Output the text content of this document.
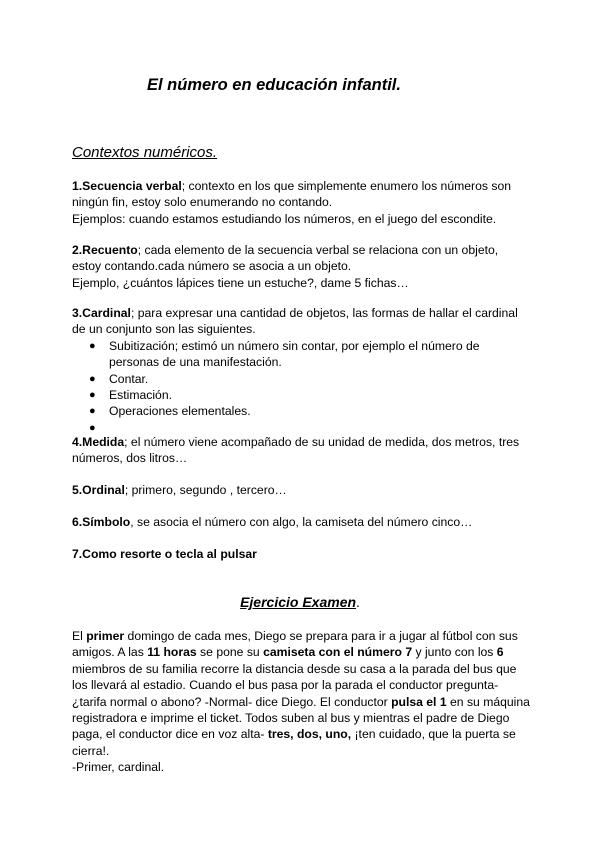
El número en educación infantil.
Contextos numéricos.

1.Secuencia verbal; contexto en los que simplemente enumero los números son

ningún fin, estoy solo enumerando no contando.

Ejemplos: cuando estamos estudiando los números, en el juego del escondite.

2.Recuento; cada elemento de la secuencia verbal se relaciona con un objeto,

estoy contando.cada número se asocia a un objeto.

Ejemplo, ¿cuántos lápices tiene un estuche?, dame 5 fichas…

3.Cardinal; para expresar una cantidad de objetos, las formas de hallar el cardinal

de un conjunto son las siguientes.

● Subitización; estimó un número sin contar, por ejemplo el número de
personas de una manifestación.
● Contar.
● Estimación.
● Operaciones elementales.
●

4.Medida; el número viene acompañado de su unidad de medida, dos metros, tres

números, dos litros…

5.Ordinal; primero, segundo , tercero…

6.Símbolo, se asocia el número con algo, la camiseta del número cinco…

7.Como resorte o tecla al pulsar

Ejercicio Examen.

El primer domingo de cada mes, Diego se prepara para ir a jugar al fútbol con sus

amigos. A las 11 horas se pone su camiseta con el número 7 y junto con los 6

miembros de su familia recorre la distancia desde su casa a la parada del bus que

los llevará al estadio. Cuando el bus pasa por la parada el conductor pregunta-

¿tarifa normal o abono? -Normal- dice Diego. El conductor pulsa el 1 en su máquina

registradora e imprime el ticket. Todos suben al bus y mientras el padre de Diego

paga, el conductor dice en voz alta- tres, dos, uno, ¡ten cuidado, que la puerta se

cierra!.

-Primer, cardinal.
